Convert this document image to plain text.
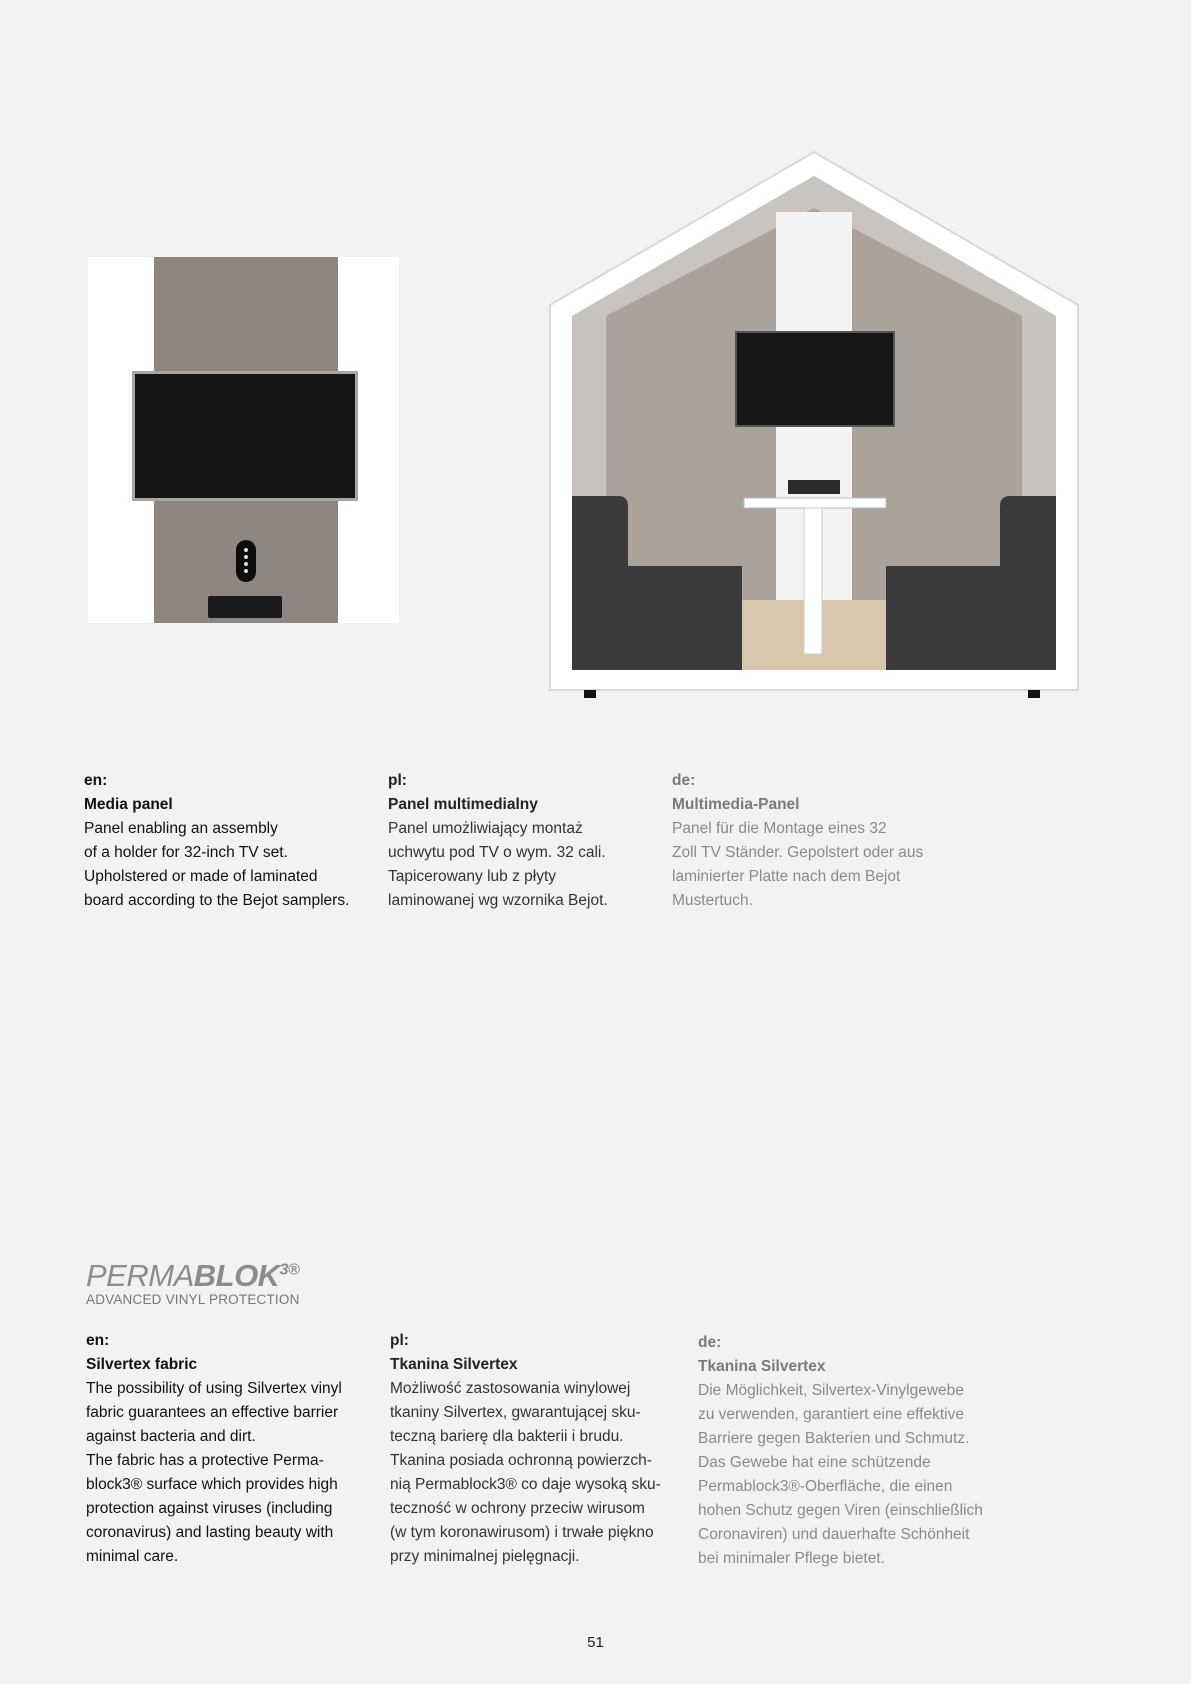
en:
Media panel
Panel enabling an assembly
of a holder for 32-inch TV set.
Upholstered or made of laminated
board according to the Bejot samplers.
pl:
Panel multimedialny
Panel umożliwiający montaż
uchwytu pod TV o wym. 32 cali.
Tapicerowany lub z płyty
laminowanej wg wzornika Bejot.
de:
Multimedia-Panel
Panel für die Montage eines 32
Zoll TV Ständer. Gepolstert oder aus
laminierter Platte nach dem Bejot
Mustertuch.
$PERMABLOK^{3®}$
ADVANCED VINYL PROTECTION
en:
Silvertex fabric
The possibility of using Silvertex vinyl
fabric guarantees an effective barrier
against bacteria and dirt.
The fabric has a protective Perma-
block3® surface which provides high
protection against viruses (including
coronavirus) and lasting beauty with
minimal care.
pl:
Tkanina Silvertex
Możliwość zastosowania winylowej
tkaniny Silvertex, gwarantującej sku-
teczną barierę dla bakterii i brudu.
Tkanina posiada ochronną powierzch-
nią Permablock3® co daje wysoką sku-
teczność w ochrony przeciw wirusom
(w tym koronawirusom) i trwałe piękno
przy minimalnej pielęgnacji.
de:
Tkanina Silvertex
Die Möglichkeit, Silvertex-Vinylgewebe
zu verwenden, garantiert eine effektive
Barriere gegen Bakterien und Schmutz.
Das Gewebe hat eine schützende
Permablock3®-Oberfläche, die einen
hohen Schutz gegen Viren (einschließlich
Coronaviren) und dauerhafte Schönheit
bei minimaler Pflege bietet.
51
